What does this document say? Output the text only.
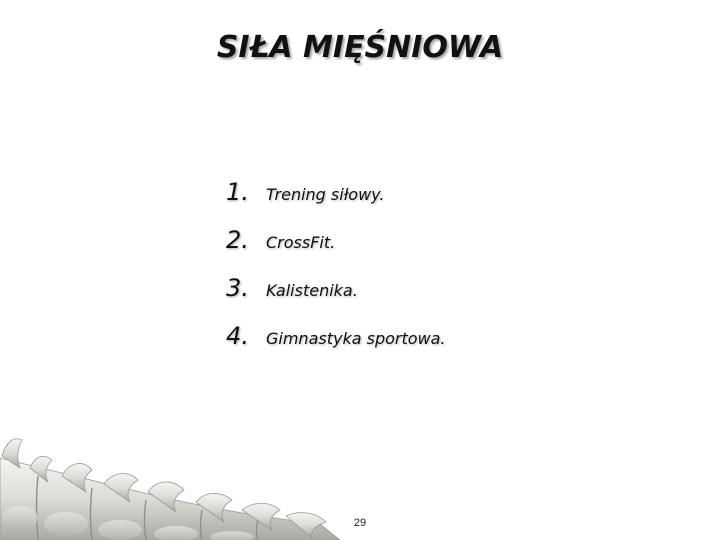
SIŁA MIĘŚNIOWA
1.	Trening siłowy.
2.	CrossFit.
3.	Kalistenika.
4.	Gimnastyka sportowa.
29
